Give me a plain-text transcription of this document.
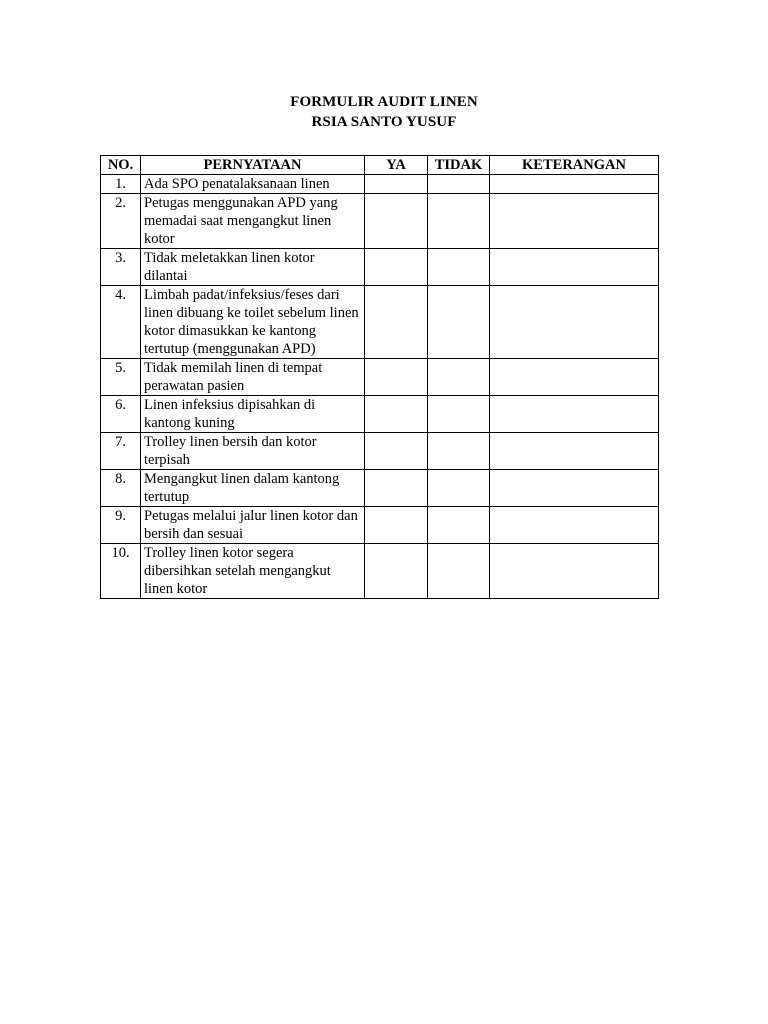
FORMULIR AUDIT LINEN
RSIA SANTO YUSUF
NO.	PERNYATAAN	YA	TIDAK	KETERANGAN
1.	Ada SPO penatalaksanaan linen			
2.	Petugas menggunakan APD yang memadai saat mengangkut linen kotor			
3.	Tidak meletakkan linen kotor dilantai			
4.	Limbah padat/infeksius/feses dari linen dibuang ke toilet sebelum linen kotor dimasukkan ke kantong tertutup (menggunakan APD)			
5.	Tidak memilah linen di tempat perawatan pasien			
6.	Linen infeksius dipisahkan di kantong kuning			
7.	Trolley linen bersih dan kotor terpisah			
8.	Mengangkut linen dalam kantong tertutup			
9.	Petugas melalui jalur linen kotor dan bersih dan sesuai			
10.	Trolley linen kotor segera dibersihkan setelah mengangkut linen kotor			
